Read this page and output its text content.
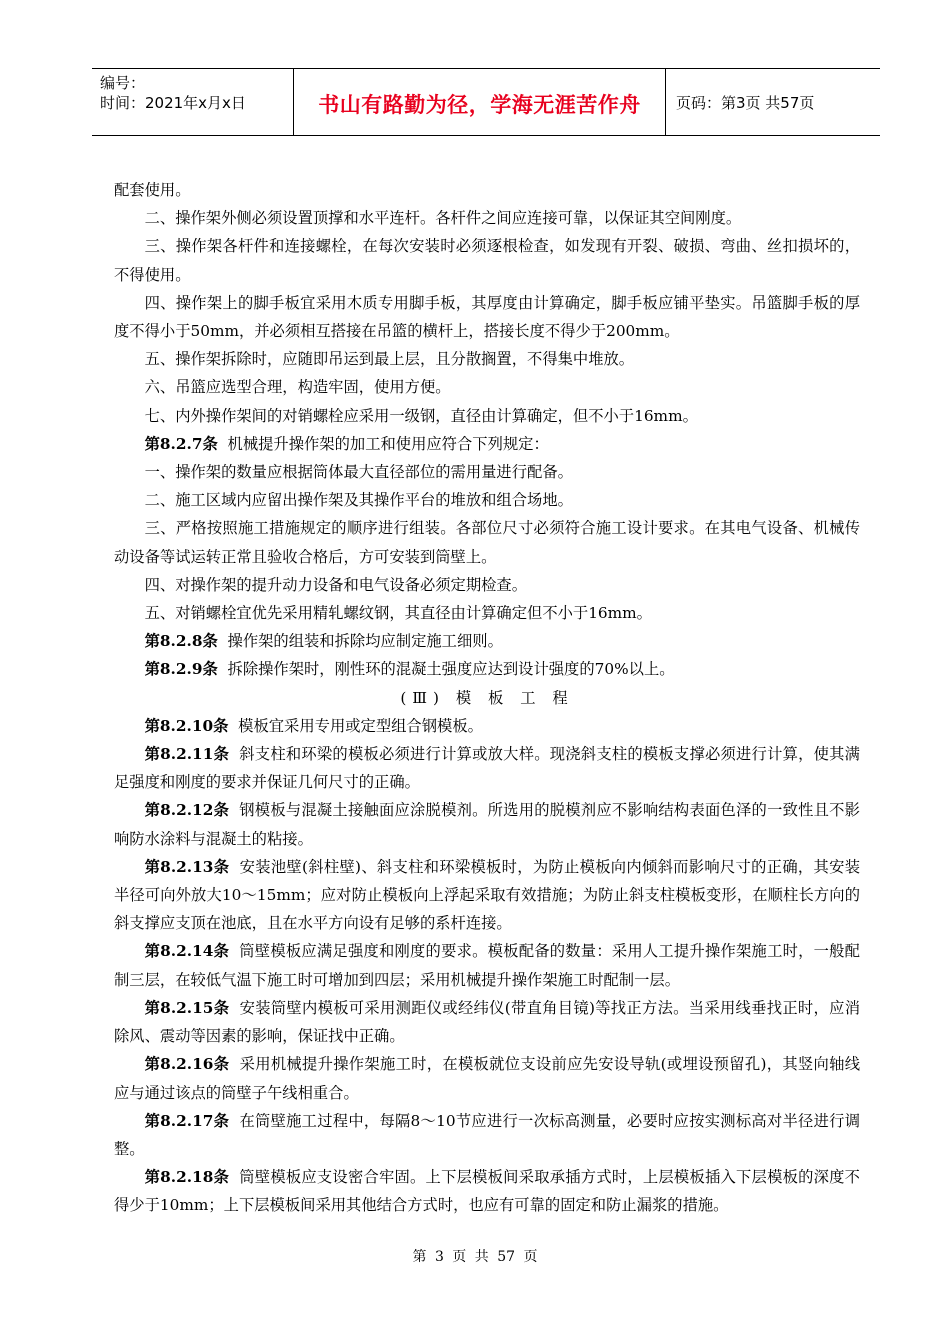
编号：
时间：2021年x月x日	书山有路勤为径，学海无涯苦作舟 页码：第3页 共57页

配套使用。

二、操作架外侧必须设置顶撑和水平连杆。各杆件之间应连接可靠，以保证其空间刚度。

三、操作架各杆件和连接螺栓，在每次安装时必须逐根检查，如发现有开裂、破损、弯曲、丝扣损坏的，不得使用。

四、操作架上的脚手板宜采用木质专用脚手板，其厚度由计算确定，脚手板应铺平垫实。吊篮脚手板的厚度不得小于50mm，并必须相互搭接在吊篮的横杆上，搭接长度不得少于200mm。

五、操作架拆除时，应随即吊运到最上层，且分散搁置，不得集中堆放。

六、吊篮应选型合理，构造牢固，使用方便。

七、内外操作架间的对销螺栓应采用一级钢，直径由计算确定，但不小于16mm。

第8.2.7条 机械提升操作架的加工和使用应符合下列规定：

一、操作架的数量应根据筒体最大直径部位的需用量进行配备。

二、施工区域内应留出操作架及其操作平台的堆放和组合场地。

三、严格按照施工措施规定的顺序进行组装。各部位尺寸必须符合施工设计要求。在其电气设备、机械传动设备等试运转正常且验收合格后，方可安装到筒壁上。

四、对操作架的提升动力设备和电气设备必须定期检查。

五、对销螺栓宜优先采用精轧螺纹钢，其直径由计算确定但不小于16mm。

第8.2.8条 操作架的组装和拆除均应制定施工细则。

第8.2.9条 拆除操作架时，刚性环的混凝土强度应达到设计强度的70%以上。

(Ⅲ) 模 板 工 程

第8.2.10条 模板宜采用专用或定型组合钢模板。

第8.2.11条 斜支柱和环梁的模板必须进行计算或放大样。现浇斜支柱的模板支撑必须进行计算，使其满足强度和刚度的要求并保证几何尺寸的正确。

第8.2.12条 钢模板与混凝土接触面应涂脱模剂。所选用的脱模剂应不影响结构表面色泽的一致性且不影响防水涂料与混凝土的粘接。

第8.2.13条 安装池壁(斜柱壁)、斜支柱和环梁模板时，为防止模板向内倾斜而影响尺寸的正确，其安装半径可向外放大10～15mm；应对防止模板向上浮起采取有效措施；为防止斜支柱模板变形，在顺柱长方向的斜支撑应支顶在池底，且在水平方向设有足够的系杆连接。

第8.2.14条 筒壁模板应满足强度和刚度的要求。模板配备的数量：采用人工提升操作架施工时，一般配制三层，在较低气温下施工时可增加到四层；采用机械提升操作架施工时配制一层。

第8.2.15条 安装筒壁内模板可采用测距仪或经纬仪(带直角目镜)等找正方法。当采用线垂找正时，应消除风、震动等因素的影响，保证找中正确。

第8.2.16条 采用机械提升操作架施工时，在模板就位支设前应先安设导轨(或埋设预留孔)，其竖向轴线应与通过该点的筒壁子午线相重合。

第8.2.17条 在筒壁施工过程中，每隔8～10节应进行一次标高测量，必要时应按实测标高对半径进行调整。

第8.2.18条 筒壁模板应支设密合牢固。上下层模板间采取承插方式时，上层模板插入下层模板的深度不得少于10mm；上下层模板间采用其他结合方式时，也应有可靠的固定和防止漏浆的措施。

第 3 页 共 57 页
